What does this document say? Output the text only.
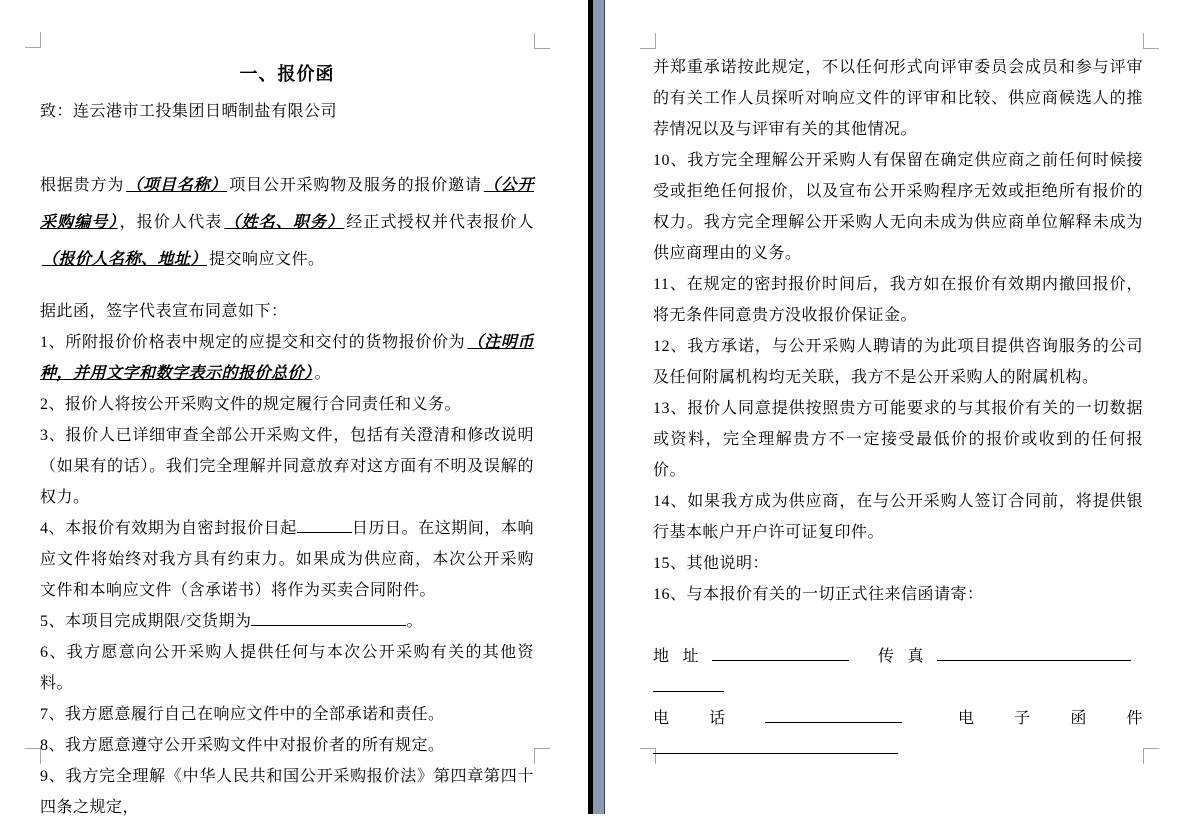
一、报价函
致：连云港市工投集团日晒制盐有限公司
根据贵方为 （项目名称） 项目公开采购物及服务的报价邀请 （公开采购编号） ，报价人代表 （姓名、职务） 经正式授权并代表报价人（报价人名称、地址） 提交响应文件。
据此函，签字代表宣布同意如下：
1、所附报价价格表中规定的应提交和交付的货物报价价为 （注明币种，并用文字和数字表示的报价总价） 。
2、报价人将按公开采购文件的规定履行合同责任和义务。
3、报价人已详细审查全部公开采购文件，包括有关澄清和修改说明（如果有的话）。我们完全理解并同意放弃对这方面有不明及误解的权力。
4、本报价有效期为自密封报价日起	日历日。在这期间，本响应文件将始终对我方具有约束力。如果成为供应商，本次公开采购文件和本响应文件（含承诺书）将作为买卖合同附件。
5、本项目完成期限/交货期为	。
6、我方愿意向公开采购人提供任何与本次公开采购有关的其他资料。
7、我方愿意履行自己在响应文件中的全部承诺和责任。
8、我方愿意遵守公开采购文件中对报价者的所有规定。
9、我方完全理解《中华人民共和国公开采购报价法》第四章第四十四条之规定，
并郑重承诺按此规定，不以任何形式向评审委员会成员和参与评审的有关工作人员探听对响应文件的评审和比较、供应商候选人的推荐情况以及与评审有关的其他情况。
10、我方完全理解公开采购人有保留在确定供应商之前任何时候接受或拒绝任何报价，以及宣布公开采购程序无效或拒绝所有报价的权力。我方完全理解公开采购人无向未成为供应商单位解释未成为供应商理由的义务。
11、在规定的密封报价时间后，我方如在报价有效期内撤回报价，将无条件同意贵方没收报价保证金。
12、我方承诺，与公开采购人聘请的为此项目提供咨询服务的公司及任何附属机构均无关联，我方不是公开采购人的附属机构。
13、报价人同意提供按照贵方可能要求的与其报价有关的一切数据或资料，完全理解贵方不一定接受最低价的报价或收到的任何报价。
14、如果我方成为供应商，在与公开采购人签订合同前，将提供银行基本帐户开户许可证复印件。
15、其他说明：
16、与本报价有关的一切正式往来信函请寄：
地址	传真
电话	电子函件
